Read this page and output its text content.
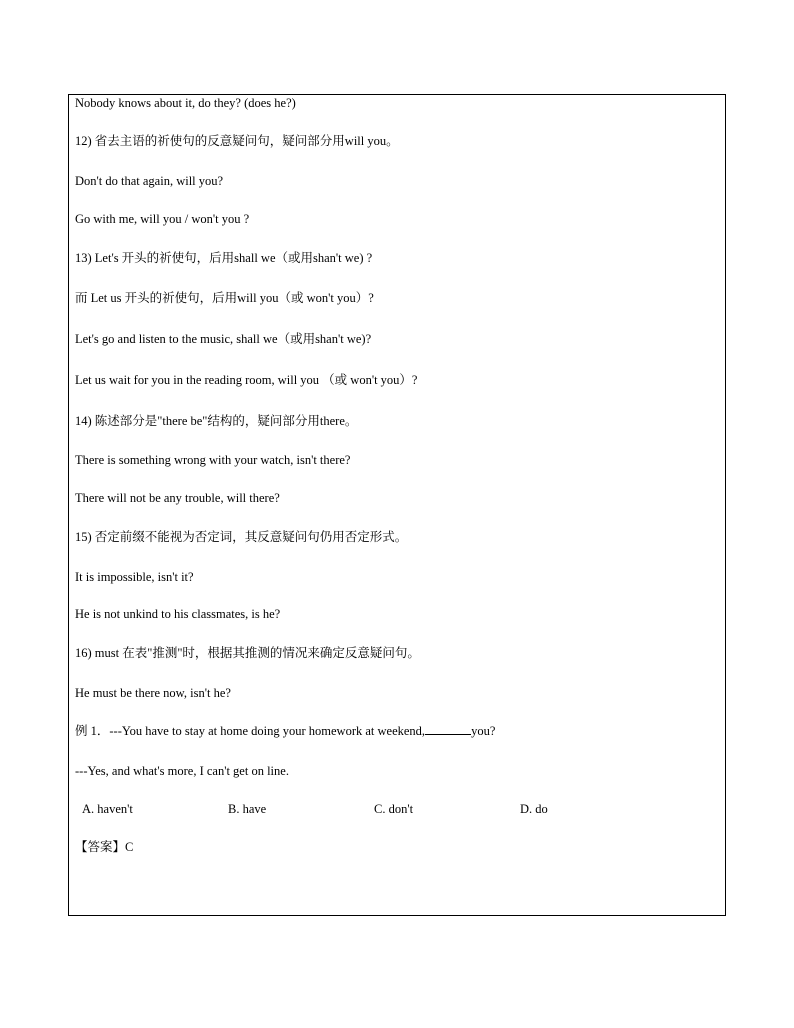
Nobody knows about it, do they? (does he?)
12) 省去主语的祈使句的反意疑问句，疑问部分用will you。
Don't do that again, will you?
Go with me, will you / won't you ?
13) Let's 开头的祈使句，后用shall we（或用shan't we) ?
而 Let us 开头的祈使句，后用will you（或 won't you）?
Let's go and listen to the music, shall we（或用shan't we)?
Let us wait for you in the reading room, will you （或 won't you）?
14) 陈述部分是"there be"结构的，疑问部分用there。
There is something wrong with your watch, isn't there?
There will not be any trouble, will there?
15) 否定前缀不能视为否定词，其反意疑问句仍用否定形式。
It is impossible, isn't it?
He is not unkind to his classmates, is he?
16) must 在表"推测"时，根据其推测的情况来确定反意疑问句。
He must be there now, isn't he?
例 1．---You have to stay at home doing your homework at weekend,	you?
---Yes, and what's more, I can't get on line.
A. haven't	B. have	C. don't	D. do
【答案】C
